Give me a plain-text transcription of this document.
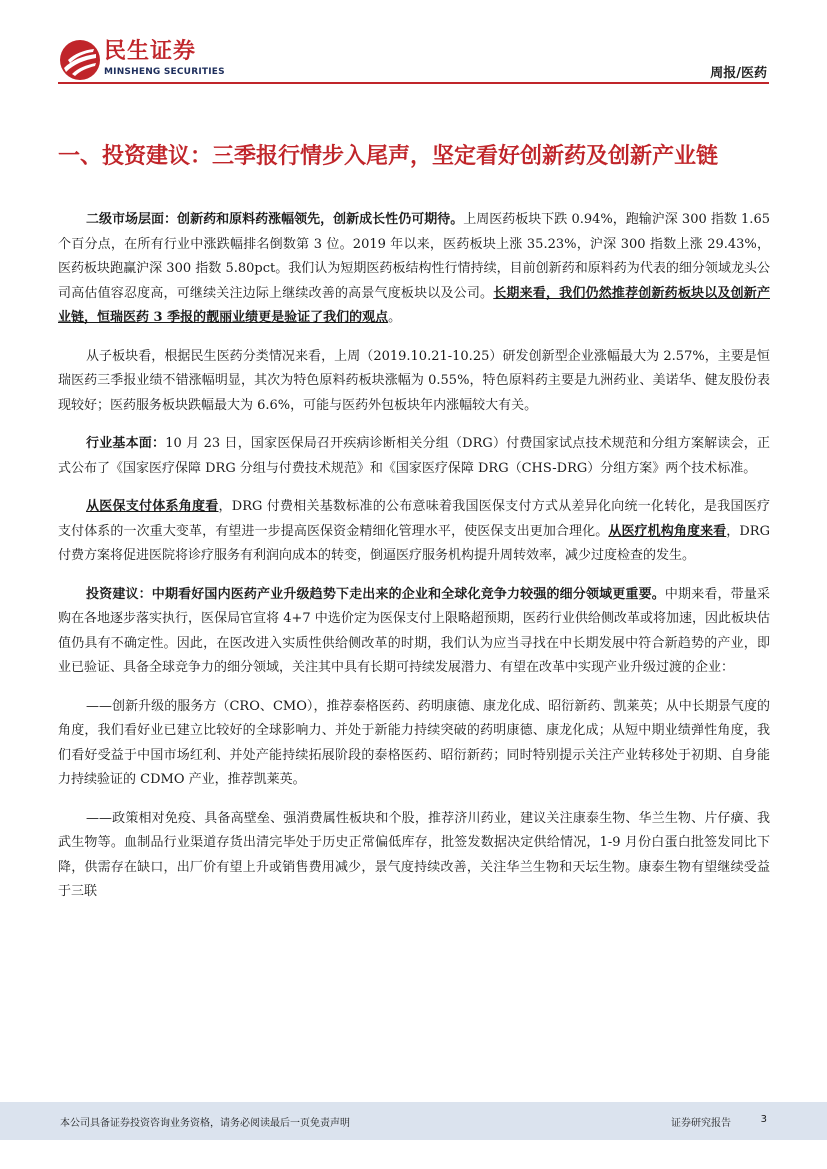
民生证券
MINSHENG SECURITIES	周报/医药
一、投资建议：三季报行情步入尾声，坚定看好创新药及创新产业链

二级市场层面：创新药和原料药涨幅领先，创新成长性仍可期待。上周医药板块下跌 0.94%，跑输沪深 300 指数 1.65 个百分点，在所有行业中涨跌幅排名倒数第 3 位。2019 年以来，医药板块上涨 35.23%，沪深 300 指数上涨 29.43%，医药板块跑赢沪深 300 指数 5.80pct。我们认为短期医药板结构性行情持续，目前创新药和原料药为代表的细分领域龙头公司高估值容忍度高，可继续关注边际上继续改善的高景气度板块以及公司。长期来看，我们仍然推荐创新药板块以及创新产业链，恒瑞医药 3 季报的靓丽业绩更是验证了我们的观点。

从子板块看，根据民生医药分类情况来看，上周（2019.10.21-10.25）研发创新型企业涨幅最大为 2.57%，主要是恒瑞医药三季报业绩不错涨幅明显，其次为特色原料药板块涨幅为 0.55%，特色原料药主要是九洲药业、美诺华、健友股份表现较好；医药服务板块跌幅最大为 6.6%，可能与医药外包板块年内涨幅较大有关。

行业基本面：10 月 23 日，国家医保局召开疾病诊断相关分组（DRG）付费国家试点技术规范和分组方案解读会，正式公布了《国家医疗保障 DRG 分组与付费技术规范》和《国家医疗保障 DRG（CHS-DRG）分组方案》两个技术标准。

从医保支付体系角度看，DRG 付费相关基数标准的公布意味着我国医保支付方式从差异化向统一化转化，是我国医疗支付体系的一次重大变革，有望进一步提高医保资金精细化管理水平，使医保支出更加合理化。从医疗机构角度来看，DRG 付费方案将促进医院将诊疗服务有利润向成本的转变，倒逼医疗服务机构提升周转效率，减少过度检查的发生。

投资建议：中期看好国内医药产业升级趋势下走出来的企业和全球化竞争力较强的细分领域更重要。中期来看，带量采购在各地逐步落实执行，医保局官宣将 4+7 中选价定为医保支付上限略超预期，医药行业供给侧改革或将加速，因此板块估值仍具有不确定性。因此，在医改进入实质性供给侧改革的时期，我们认为应当寻找在中长期发展中符合新趋势的产业，即业已验证、具备全球竞争力的细分领域，关注其中具有长期可持续发展潜力、有望在改革中实现产业升级过渡的企业：

——创新升级的服务方（CRO、CMO），推荐泰格医药、药明康德、康龙化成、昭衍新药、凯莱英；从中长期景气度的角度，我们看好业已建立比较好的全球影响力、并处于新能力持续突破的药明康德、康龙化成；从短中期业绩弹性角度，我们看好受益于中国市场红利、并处产能持续拓展阶段的泰格医药、昭衍新药；同时特别提示关注产业转移处于初期、自身能力持续验证的 CDMO 产业，推荐凯莱英。

——政策相对免疫、具备高壁垒、强消费属性板块和个股，推荐济川药业，建议关注康泰生物、华兰生物、片仔癀、我武生物等。血制品行业渠道存货出清完毕处于历史正常偏低库存，批签发数据决定供给情况，1-9 月份白蛋白批签发同比下降，供需存在缺口，出厂价有望上升或销售费用减少，景气度持续改善，关注华兰生物和天坛生物。康泰生物有望继续受益于三联

本公司具备证券投资咨询业务资格，请务必阅读最后一页免责声明	证券研究报告	3
